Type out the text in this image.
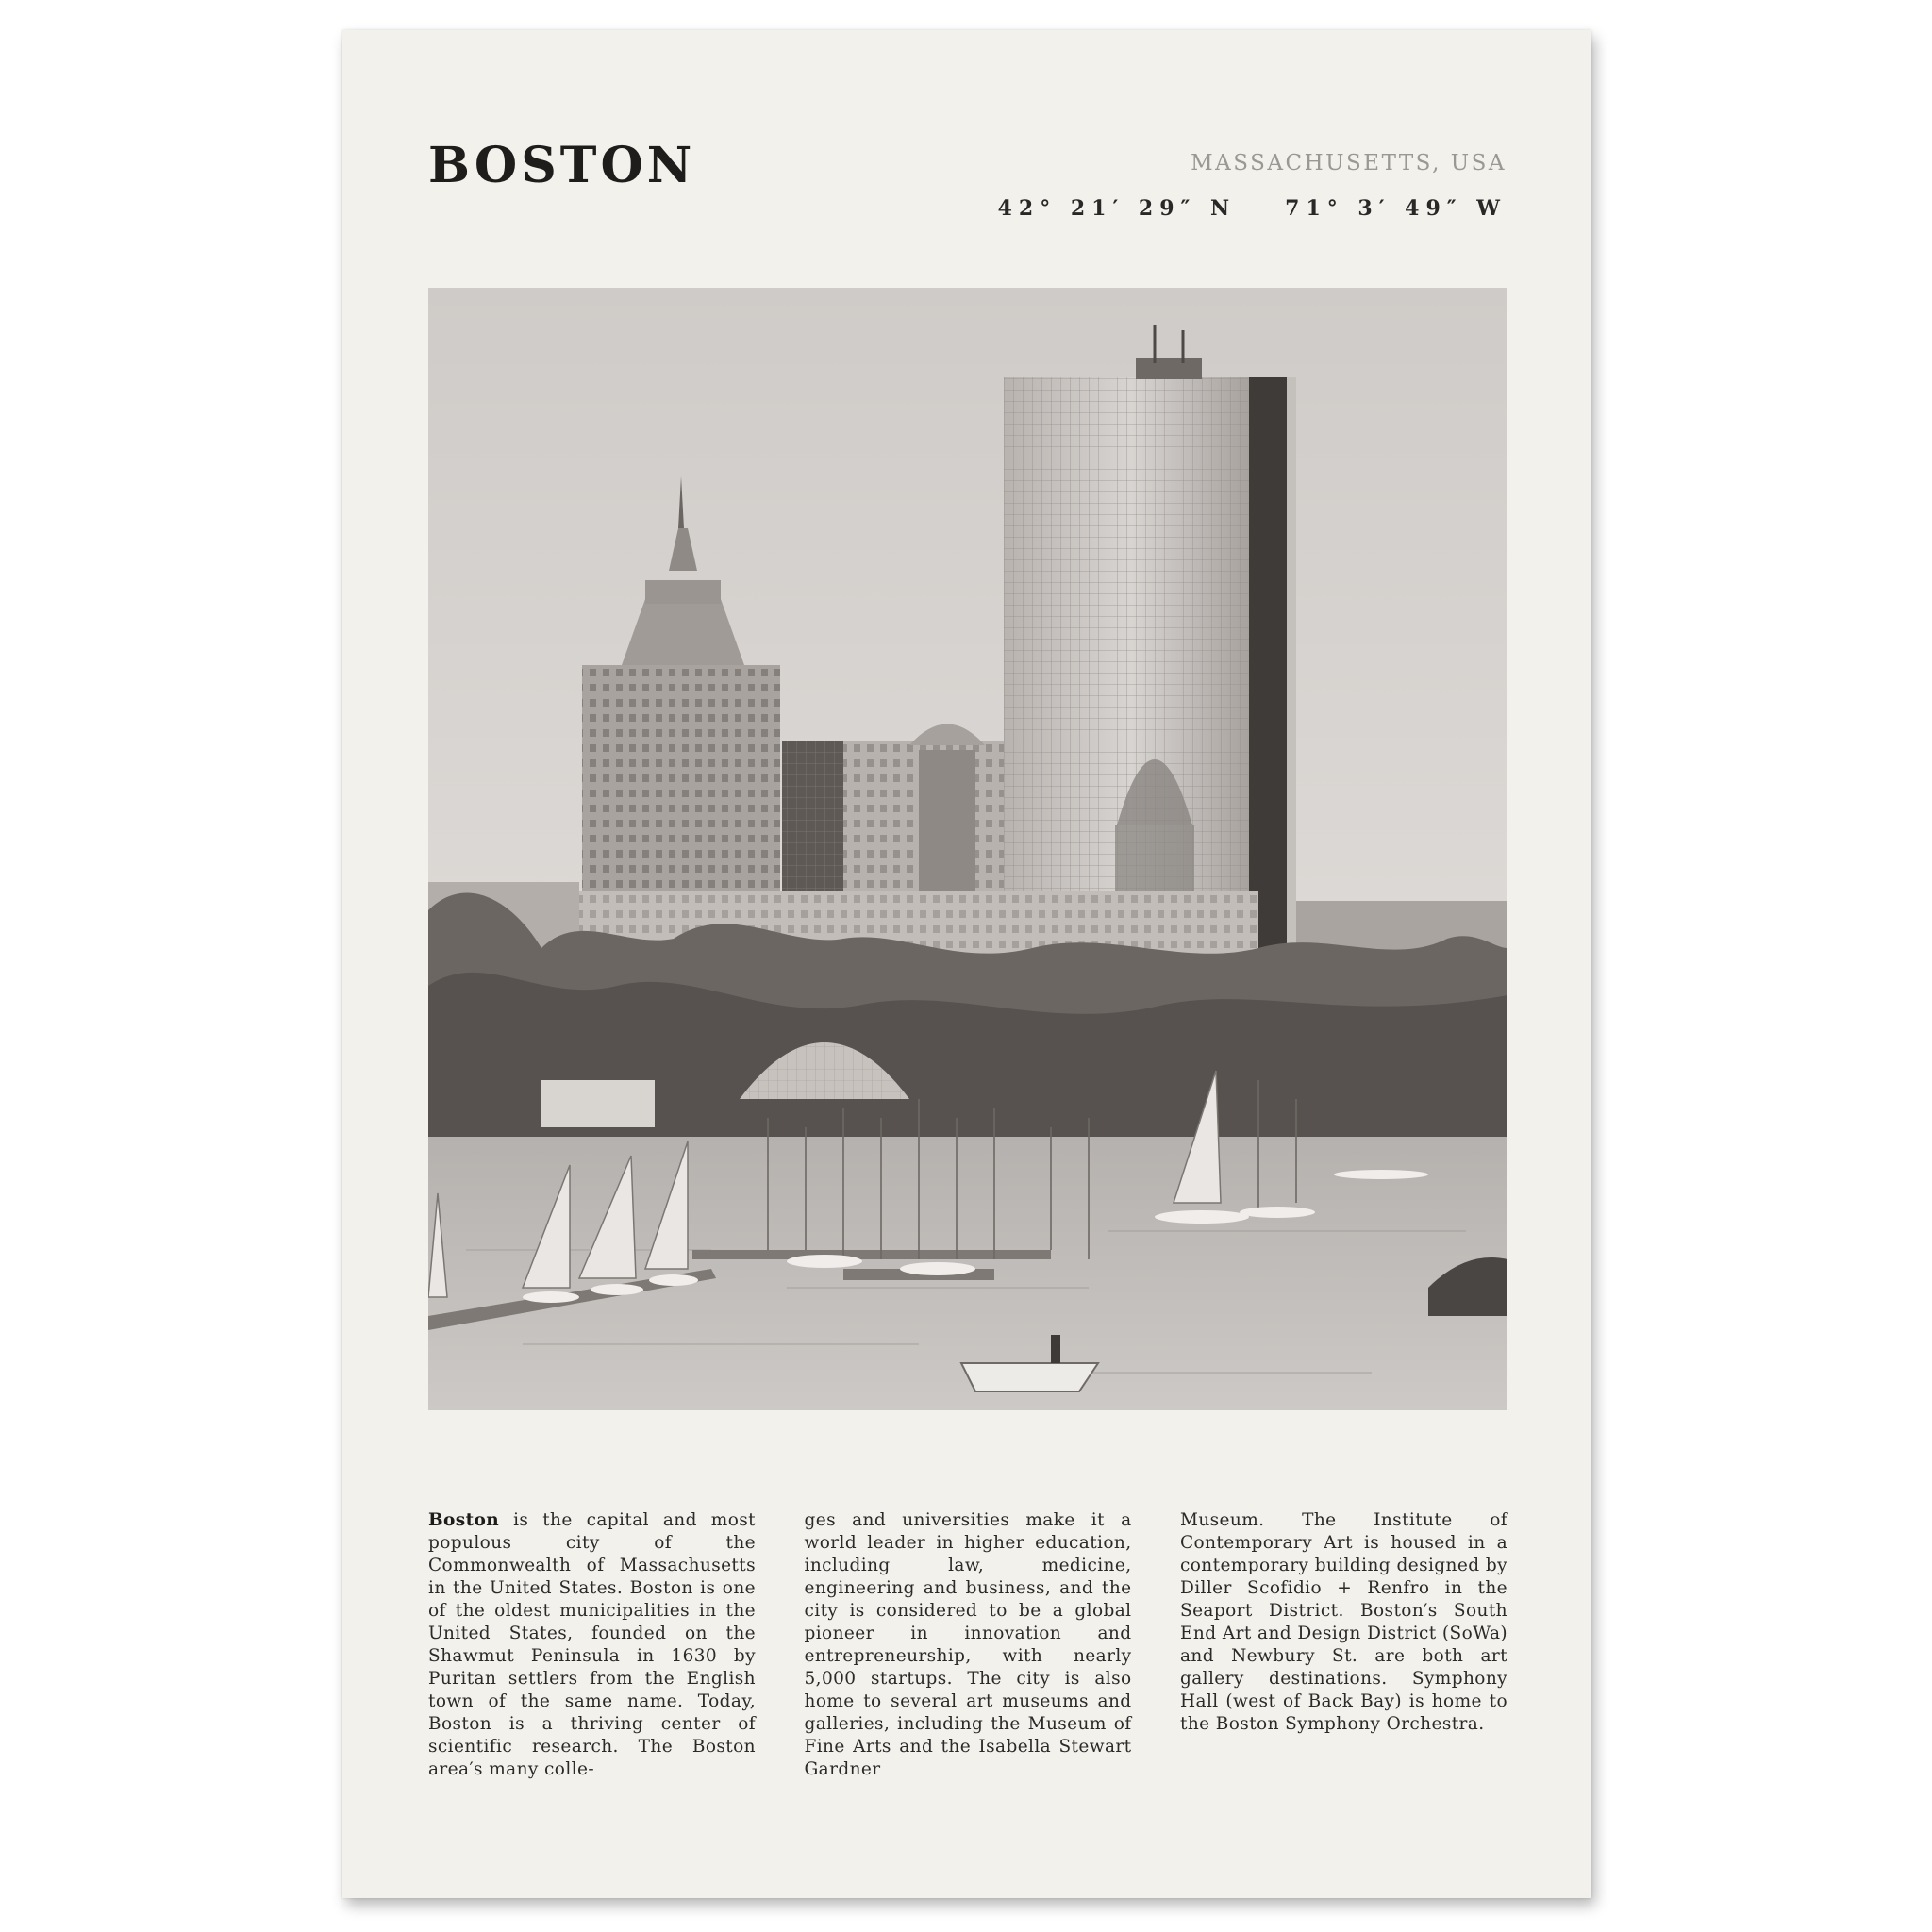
BOSTON	MASSACHUSETTS, USA
42° 21′ 29″ N 71° 3′ 49″ W

Boston is the capital and most populous city of the Commonwealth of Massachusetts in the United States. Boston is one of the oldest municipalities in the United States, founded on the Shawmut Peninsula in 1630 by Puritan settlers from the English town of the same name. Today, Boston is a thriving center of scientific research. The Boston area′s many colle-

ges and universities make it a world leader in higher education, including law, medicine, engineering and business, and the city is considered to be a global pioneer in innovation and entrepreneurship, with nearly 5,000 startups. The city is also home to several art museums and galleries, including the Museum of Fine Arts and the Isabella Stewart Gardner

Museum. The Institute of Contemporary Art is housed in a contemporary building designed by Diller Scofidio + Renfro in the Seaport District. Boston′s South End Art and Design District (SoWa) and Newbury St. are both art gallery destinations. Symphony Hall (west of Back Bay) is home to the Boston Symphony Orchestra.
